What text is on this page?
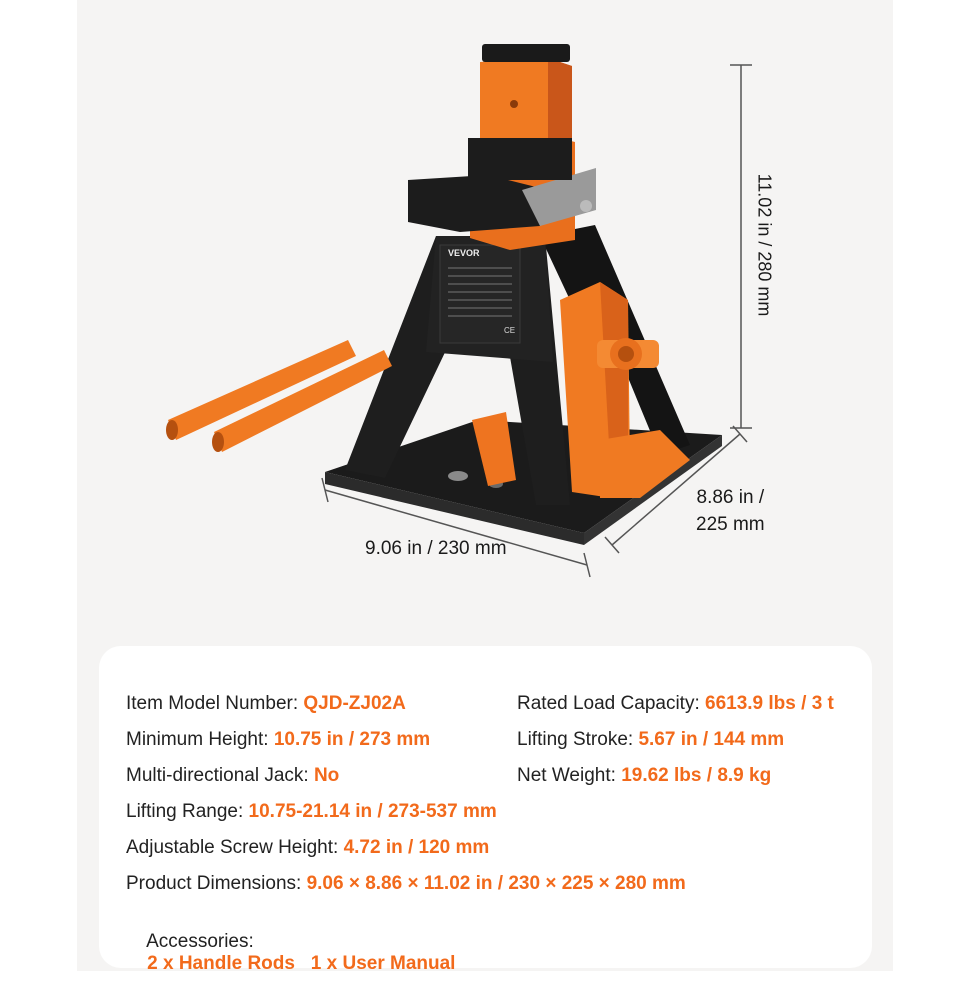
11.02 in / 280 mm
9.06 in / 230 mm
8.86 in /
225 mm
VEVOR
CE
Item Model Number: QJD-ZJ02A	Rated Load Capacity: 6613.9 lbs / 3 t
Minimum Height: 10.75 in / 273 mm	Lifting Stroke: 5.67 in / 144 mm
Multi-directional Jack: No	Net Weight: 19.62 lbs / 8.9 kg
Lifting Range: 10.75-21.14 in / 273-537 mm
Adjustable Screw Height: 4.72 in / 120 mm
Product Dimensions: 9.06 × 8.86 × 11.02 in / 230 × 225 × 280 mm

Accessories:
2 x Handle Rods   1 x User Manual
